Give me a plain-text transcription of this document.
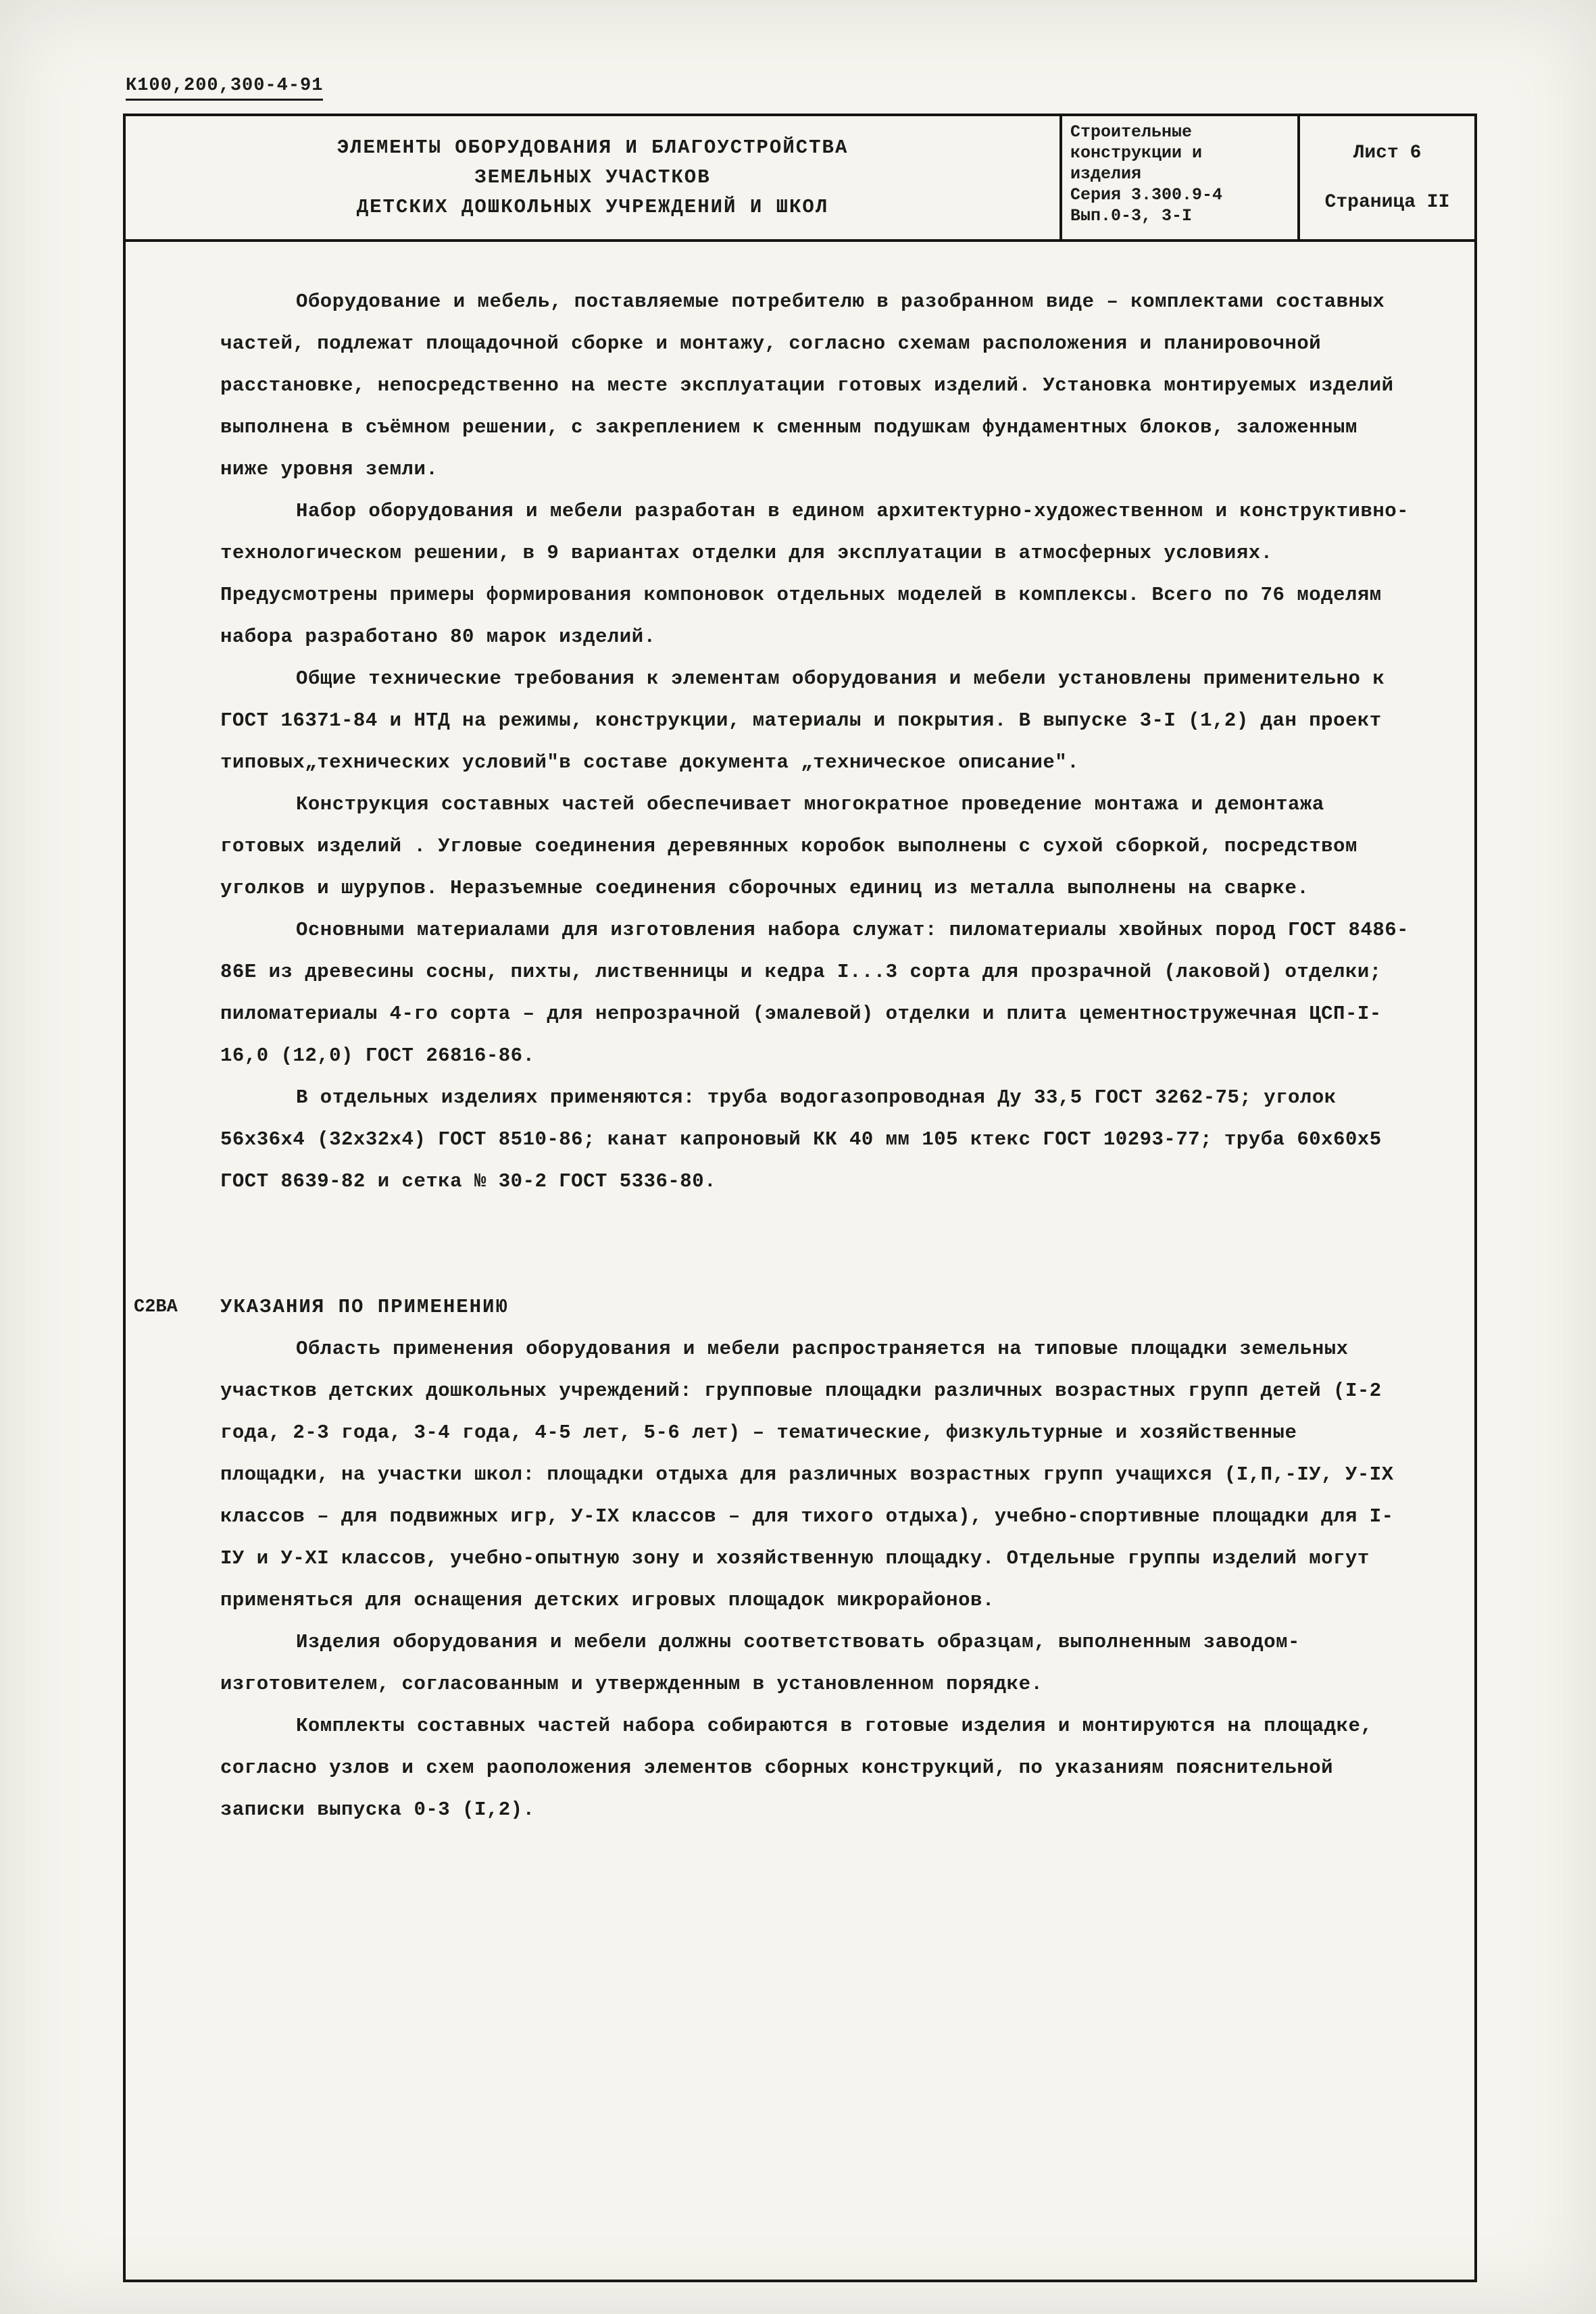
К100,200,300-4-91
ЭЛЕМЕНТЫ ОБОРУДОВАНИЯ И БЛАГОУСТРОЙСТВА
ЗЕМЕЛЬНЫХ УЧАСТКОВ
ДЕТСКИХ ДОШКОЛЬНЫХ УЧРЕЖДЕНИЙ И ШКОЛ
Строительные
конструкции и
изделия
Серия 3.300.9-4
Вып.0-3, 3-I
Лист 6
Страница II

Оборудование и мебель, поставляемые потребителю в разобранном виде – комплектами составных частей, подлежат площадочной сборке и монтажу, согласно схемам расположения и планировочной расстановке, непосредственно на месте эксплуатации готовых изделий. Установка монтируемых изделий выполнена в съёмном решении, с закреплением к сменным подушкам фундаментных блоков, заложенным ниже уровня земли.

Набор оборудования и мебели разработан в едином архитектурно-художественном и конструктивно-технологическом решении, в 9 вариантах отделки для эксплуатации в атмосферных условиях. Предусмотрены примеры формирования компоновок отдельных моделей в комплексы. Всего по 76 моделям набора разработано 80 марок изделий.

Общие технические требования к элементам оборудования и мебели установлены применительно к ГОСТ 16371-84 и НТД на режимы, конструкции, материалы и покрытия. В выпуске 3-I (1,2) дан проект типовых„технических условий"в составе документа „техническое описание".

Конструкция составных частей обеспечивает многократное проведение монтажа и демонтажа готовых изделий . Угловые соединения деревянных коробок выполнены с сухой сборкой, посредством уголков и шурупов. Неразъемные соединения сборочных единиц из металла выполнены на сварке.

Основными материалами для изготовления набора служат: пиломатериалы хвойных пород ГОСТ 8486-86Е из древесины сосны, пихты, лиственницы и кедра I...3 сорта для прозрачной (лаковой) отделки; пиломатериалы 4-го сорта – для непрозрачной (эмалевой) отделки и плита цементностружечная ЦСП-I-16,0 (12,0) ГОСТ 26816-86.

В отдельных изделиях применяются: труба водогазопроводная Ду 33,5 ГОСТ 3262-75; уголок 56х36х4 (32х32х4) ГОСТ 8510-86; канат капроновый КК 40 мм 105 ктекс ГОСТ 10293-77; труба 60х60х5 ГОСТ 8639-82 и сетка № 30-2 ГОСТ 5336-80.

С2ВА УКАЗАНИЯ ПО ПРИМЕНЕНИЮ

Область применения оборудования и мебели распространяется на типовые площадки земельных участков детских дошкольных учреждений: групповые площадки различных возрастных групп детей (I-2 года, 2-3 года, 3-4 года, 4-5 лет, 5-6 лет) – тематические, физкультурные и хозяйственные площадки, на участки школ: площадки отдыха для различных возрастных групп учащихся (I,П,-IУ, У-IX классов – для подвижных игр, У-IX классов – для тихого отдыха), учебно-спортивные площадки для I-IУ и У-XI классов, учебно-опытную зону и хозяйственную площадку. Отдельные группы изделий могут применяться для оснащения детских игровых площадок микрорайонов.

Изделия оборудования и мебели должны соответствовать образцам, выполненным заводом-изготовителем, согласованным и утвержденным в установленном порядке.

Комплекты составных частей набора собираются в готовые изделия и монтируются на площадке, согласно узлов и схем раоположения элементов сборных конструкций, по указаниям пояснительной записки выпуска 0-3 (I,2).
